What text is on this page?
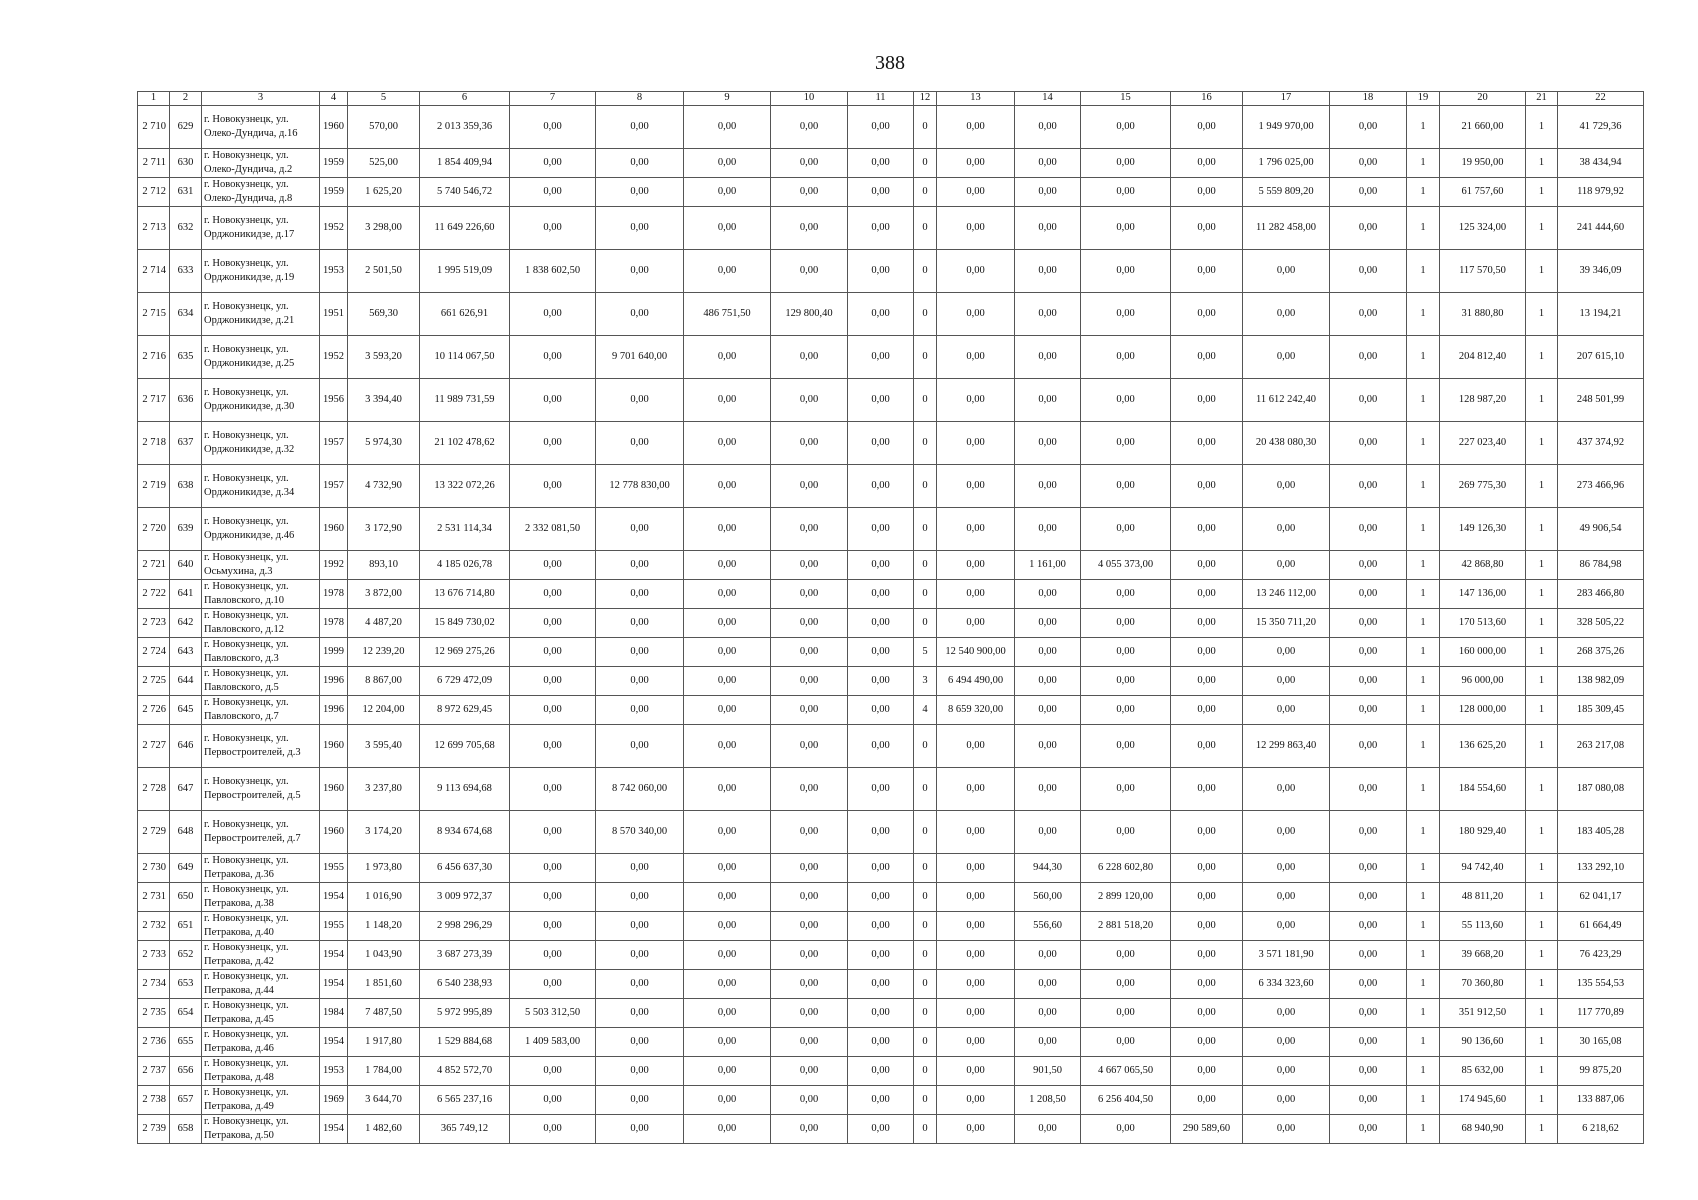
388
1	2	3	4	5	6	7	8	9	10	11	12	13	14	15	16	17	18	19	20	21	22
2 710	629	г. Новокузнецк, ул. Олеко-Дундича, д.16	1960	570,00	2 013 359,36	0,00	0,00	0,00	0,00	0,00	0	0,00	0,00	0,00	0,00	1 949 970,00	0,00	1	21 660,00	1	41 729,36
2 711	630	г. Новокузнецк, ул. Олеко-Дундича, д.2	1959	525,00	1 854 409,94	0,00	0,00	0,00	0,00	0,00	0	0,00	0,00	0,00	0,00	1 796 025,00	0,00	1	19 950,00	1	38 434,94
2 712	631	г. Новокузнецк, ул. Олеко-Дундича, д.8	1959	1 625,20	5 740 546,72	0,00	0,00	0,00	0,00	0,00	0	0,00	0,00	0,00	0,00	5 559 809,20	0,00	1	61 757,60	1	118 979,92
2 713	632	г. Новокузнецк, ул. Орджоникидзе, д.17	1952	3 298,00	11 649 226,60	0,00	0,00	0,00	0,00	0,00	0	0,00	0,00	0,00	0,00	11 282 458,00	0,00	1	125 324,00	1	241 444,60
2 714	633	г. Новокузнецк, ул. Орджоникидзе, д.19	1953	2 501,50	1 995 519,09	1 838 602,50	0,00	0,00	0,00	0,00	0	0,00	0,00	0,00	0,00	0,00	0,00	1	117 570,50	1	39 346,09
2 715	634	г. Новокузнецк, ул. Орджоникидзе, д.21	1951	569,30	661 626,91	0,00	0,00	486 751,50	129 800,40	0,00	0	0,00	0,00	0,00	0,00	0,00	0,00	1	31 880,80	1	13 194,21
2 716	635	г. Новокузнецк, ул. Орджоникидзе, д.25	1952	3 593,20	10 114 067,50	0,00	9 701 640,00	0,00	0,00	0,00	0	0,00	0,00	0,00	0,00	0,00	0,00	1	204 812,40	1	207 615,10
2 717	636	г. Новокузнецк, ул. Орджоникидзе, д.30	1956	3 394,40	11 989 731,59	0,00	0,00	0,00	0,00	0,00	0	0,00	0,00	0,00	0,00	11 612 242,40	0,00	1	128 987,20	1	248 501,99
2 718	637	г. Новокузнецк, ул. Орджоникидзе, д.32	1957	5 974,30	21 102 478,62	0,00	0,00	0,00	0,00	0,00	0	0,00	0,00	0,00	0,00	20 438 080,30	0,00	1	227 023,40	1	437 374,92
2 719	638	г. Новокузнецк, ул. Орджоникидзе, д.34	1957	4 732,90	13 322 072,26	0,00	12 778 830,00	0,00	0,00	0,00	0	0,00	0,00	0,00	0,00	0,00	0,00	1	269 775,30	1	273 466,96
2 720	639	г. Новокузнецк, ул. Орджоникидзе, д.46	1960	3 172,90	2 531 114,34	2 332 081,50	0,00	0,00	0,00	0,00	0	0,00	0,00	0,00	0,00	0,00	0,00	1	149 126,30	1	49 906,54
2 721	640	г. Новокузнецк, ул. Осьмухина, д.3	1992	893,10	4 185 026,78	0,00	0,00	0,00	0,00	0,00	0	0,00	1 161,00	4 055 373,00	0,00	0,00	0,00	1	42 868,80	1	86 784,98
2 722	641	г. Новокузнецк, ул. Павловского, д.10	1978	3 872,00	13 676 714,80	0,00	0,00	0,00	0,00	0,00	0	0,00	0,00	0,00	0,00	13 246 112,00	0,00	1	147 136,00	1	283 466,80
2 723	642	г. Новокузнецк, ул. Павловского, д.12	1978	4 487,20	15 849 730,02	0,00	0,00	0,00	0,00	0,00	0	0,00	0,00	0,00	0,00	15 350 711,20	0,00	1	170 513,60	1	328 505,22
2 724	643	г. Новокузнецк, ул. Павловского, д.3	1999	12 239,20	12 969 275,26	0,00	0,00	0,00	0,00	0,00	5	12 540 900,00	0,00	0,00	0,00	0,00	0,00	1	160 000,00	1	268 375,26
2 725	644	г. Новокузнецк, ул. Павловского, д.5	1996	8 867,00	6 729 472,09	0,00	0,00	0,00	0,00	0,00	3	6 494 490,00	0,00	0,00	0,00	0,00	0,00	1	96 000,00	1	138 982,09
2 726	645	г. Новокузнецк, ул. Павловского, д.7	1996	12 204,00	8 972 629,45	0,00	0,00	0,00	0,00	0,00	4	8 659 320,00	0,00	0,00	0,00	0,00	0,00	1	128 000,00	1	185 309,45
2 727	646	г. Новокузнецк, ул. Первостроителей, д.3	1960	3 595,40	12 699 705,68	0,00	0,00	0,00	0,00	0,00	0	0,00	0,00	0,00	0,00	12 299 863,40	0,00	1	136 625,20	1	263 217,08
2 728	647	г. Новокузнецк, ул. Первостроителей, д.5	1960	3 237,80	9 113 694,68	0,00	8 742 060,00	0,00	0,00	0,00	0	0,00	0,00	0,00	0,00	0,00	0,00	1	184 554,60	1	187 080,08
2 729	648	г. Новокузнецк, ул. Первостроителей, д.7	1960	3 174,20	8 934 674,68	0,00	8 570 340,00	0,00	0,00	0,00	0	0,00	0,00	0,00	0,00	0,00	0,00	1	180 929,40	1	183 405,28
2 730	649	г. Новокузнецк, ул. Петракова, д.36	1955	1 973,80	6 456 637,30	0,00	0,00	0,00	0,00	0,00	0	0,00	944,30	6 228 602,80	0,00	0,00	0,00	1	94 742,40	1	133 292,10
2 731	650	г. Новокузнецк, ул. Петракова, д.38	1954	1 016,90	3 009 972,37	0,00	0,00	0,00	0,00	0,00	0	0,00	560,00	2 899 120,00	0,00	0,00	0,00	1	48 811,20	1	62 041,17
2 732	651	г. Новокузнецк, ул. Петракова, д.40	1955	1 148,20	2 998 296,29	0,00	0,00	0,00	0,00	0,00	0	0,00	556,60	2 881 518,20	0,00	0,00	0,00	1	55 113,60	1	61 664,49
2 733	652	г. Новокузнецк, ул. Петракова, д.42	1954	1 043,90	3 687 273,39	0,00	0,00	0,00	0,00	0,00	0	0,00	0,00	0,00	0,00	3 571 181,90	0,00	1	39 668,20	1	76 423,29
2 734	653	г. Новокузнецк, ул. Петракова, д.44	1954	1 851,60	6 540 238,93	0,00	0,00	0,00	0,00	0,00	0	0,00	0,00	0,00	0,00	6 334 323,60	0,00	1	70 360,80	1	135 554,53
2 735	654	г. Новокузнецк, ул. Петракова, д.45	1984	7 487,50	5 972 995,89	5 503 312,50	0,00	0,00	0,00	0,00	0	0,00	0,00	0,00	0,00	0,00	0,00	1	351 912,50	1	117 770,89
2 736	655	г. Новокузнецк, ул. Петракова, д.46	1954	1 917,80	1 529 884,68	1 409 583,00	0,00	0,00	0,00	0,00	0	0,00	0,00	0,00	0,00	0,00	0,00	1	90 136,60	1	30 165,08
2 737	656	г. Новокузнецк, ул. Петракова, д.48	1953	1 784,00	4 852 572,70	0,00	0,00	0,00	0,00	0,00	0	0,00	901,50	4 667 065,50	0,00	0,00	0,00	1	85 632,00	1	99 875,20
2 738	657	г. Новокузнецк, ул. Петракова, д.49	1969	3 644,70	6 565 237,16	0,00	0,00	0,00	0,00	0,00	0	0,00	1 208,50	6 256 404,50	0,00	0,00	0,00	1	174 945,60	1	133 887,06
2 739	658	г. Новокузнецк, ул. Петракова, д.50	1954	1 482,60	365 749,12	0,00	0,00	0,00	0,00	0,00	0	0,00	0,00	0,00	290 589,60	0,00	0,00	1	68 940,90	1	6 218,62
